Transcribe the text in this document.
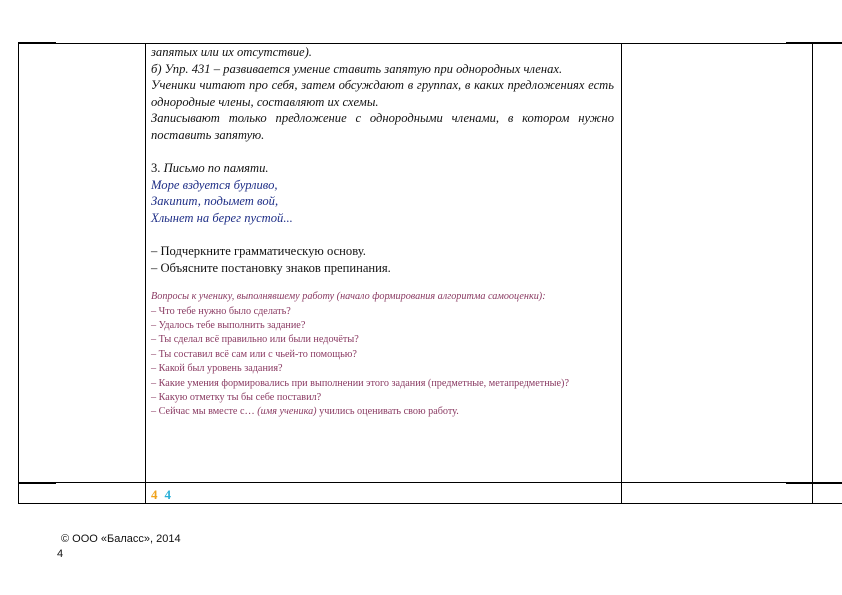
запятых или их отсутствие).

б) Упр. 431 – развивается умение ставить запятую при однородных членах.

Ученики читают про себя, затем обсуждают в группах, в каких предложениях есть однородные члены, составляют их схемы.

Записывают только предложение с однородными членами, в котором нужно поставить запятую.

3. Письмо по памяти.

Море вздуется бурливо,

Закипит, подымет вой,

Хлынет на берег пустой...

– Подчеркните грамматическую основу.

– Объясните постановку знаков препинания.

Вопросы к ученику, выполнявшему работу (начало формирования алгоритма самооценки):

– Что тебе нужно было сделать?

– Удалось тебе выполнить задание?

– Ты сделал всё правильно или были недочёты?

– Ты составил всё сам или с чьей-то помощью?

– Какой был уровень задания?

– Какие умения формировались при выполнении этого задания (предметные, метапредметные)?

– Какую отметку ты бы себе поставил?

– Сейчас мы вместе с… (имя ученика) учились оценивать свою работу.

4 4
© ООО «Баласс», 2014
4
